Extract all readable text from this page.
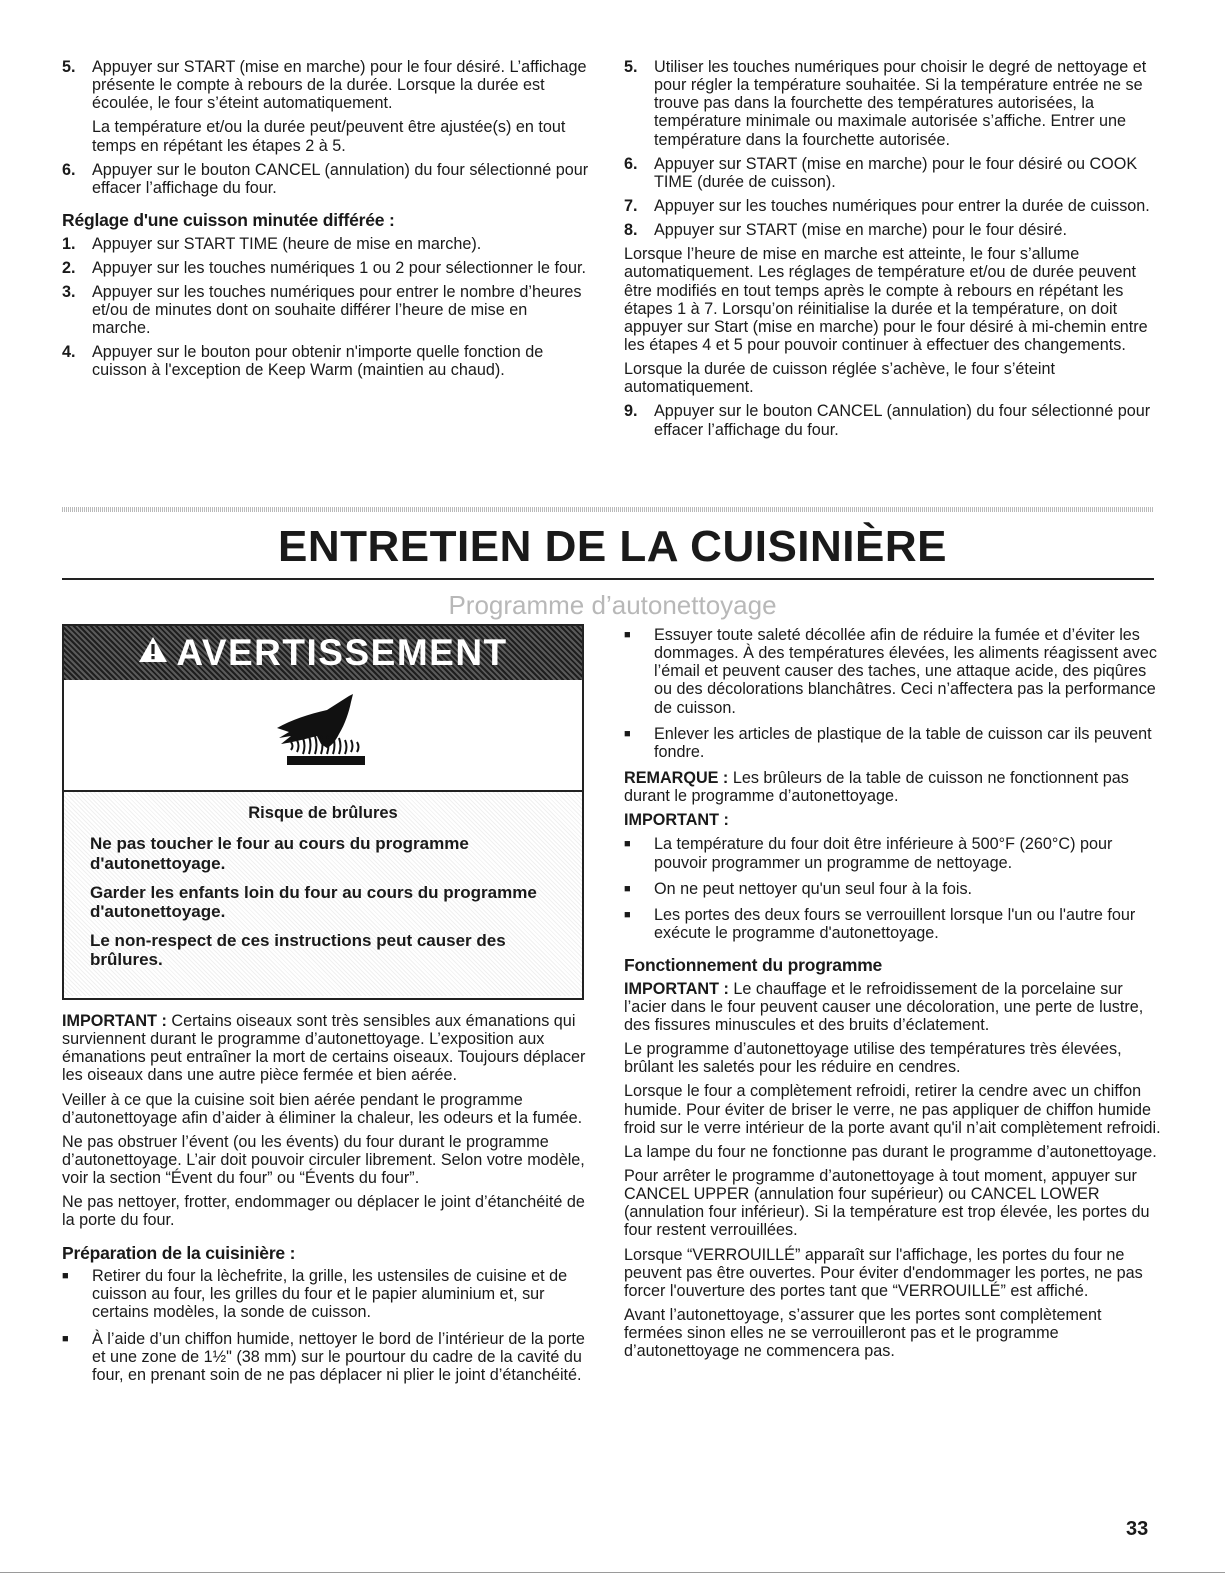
5.	Appuyer sur START (mise en marche) pour le four désiré. L’affichage présente le compte à rebours de la durée. Lorsque la durée est écoulée, le four s’éteint automatiquement.

La température et/ou la durée peut/peuvent être ajustée(s) en tout temps en répétant les étapes 2 à 5.

6.	Appuyer sur le bouton CANCEL (annulation) du four sélectionné pour effacer l’affichage du four.
Réglage d'une cuisson minutée différée :
1.	Appuyer sur START TIME (heure de mise en marche).
2.	Appuyer sur les touches numériques 1 ou 2 pour sélectionner le four.
3.	Appuyer sur les touches numériques pour entrer le nombre d’heures et/ou de minutes dont on souhaite différer l’heure de mise en marche.
4.	Appuyer sur le bouton pour obtenir n'importe quelle fonction de cuisson à l'exception de Keep Warm (maintien au chaud).
5.	Utiliser les touches numériques pour choisir le degré de nettoyage et pour régler la température souhaitée. Si la température entrée ne se trouve pas dans la fourchette des températures autorisées, la température minimale ou maximale autorisée s’affiche. Entrer une température dans la fourchette autorisée.
6.	Appuyer sur START (mise en marche) pour le four désiré ou COOK TIME (durée de cuisson).
7.	Appuyer sur les touches numériques pour entrer la durée de cuisson.
8.	Appuyer sur START (mise en marche) pour le four désiré.

Lorsque l’heure de mise en marche est atteinte, le four s’allume automatiquement. Les réglages de température et/ou de durée peuvent être modifiés en tout temps après le compte à rebours en répétant les étapes 1 à 7. Lorsqu’on réinitialise la durée et la température, on doit appuyer sur Start (mise en marche) pour le four désiré à mi-chemin entre les étapes 4 et 5 pour pouvoir continuer à effectuer des changements.

Lorsque la durée de cuisson réglée s’achève, le four s’éteint automatiquement.

9.	Appuyer sur le bouton CANCEL (annulation) du four sélectionné pour effacer l’affichage du four.
ENTRETIEN DE LA CUISINIÈRE
Programme d’autonettoyage
AVERTISSEMENT
Risque de brûlures

Ne pas toucher le four au cours du programme d'autonettoyage.

Garder les enfants loin du four au cours du programme d'autonettoyage.

Le non-respect de ces instructions peut causer des brûlures.

IMPORTANT : Certains oiseaux sont très sensibles aux émanations qui surviennent durant le programme d’autonettoyage. L’exposition aux émanations peut entraîner la mort de certains oiseaux. Toujours déplacer les oiseaux dans une autre pièce fermée et bien aérée.

Veiller à ce que la cuisine soit bien aérée pendant le programme d’autonettoyage afin d’aider à éliminer la chaleur, les odeurs et la fumée.

Ne pas obstruer l’évent (ou les évents) du four durant le programme d’autonettoyage. L’air doit pouvoir circuler librement. Selon votre modèle, voir la section “Évent du four” ou “Évents du four”.

Ne pas nettoyer, frotter, endommager ou déplacer le joint d’étanchéité de la porte du four.

Préparation de la cuisinière :
■	Retirer du four la lèchefrite, la grille, les ustensiles de cuisine et de cuisson au four, les grilles du four et le papier aluminium et, sur certains modèles, la sonde de cuisson.
■	À l’aide d’un chiffon humide, nettoyer le bord de l’intérieur de la porte et une zone de 1½" (38 mm) sur le pourtour du cadre de la cavité du four, en prenant soin de ne pas déplacer ni plier le joint d’étanchéité.
■	Essuyer toute saleté décollée afin de réduire la fumée et d’éviter les dommages. À des températures élevées, les aliments réagissent avec l’émail et peuvent causer des taches, une attaque acide, des piqûres ou des décolorations blanchâtres. Ceci n’affectera pas la performance de cuisson.
■	Enlever les articles de plastique de la table de cuisson car ils peuvent fondre.

REMARQUE : Les brûleurs de la table de cuisson ne fonctionnent pas durant le programme d’autonettoyage.

IMPORTANT :

■	La température du four doit être inférieure à 500°F (260°C) pour pouvoir programmer un programme de nettoyage.
■	On ne peut nettoyer qu'un seul four à la fois.
■	Les portes des deux fours se verrouillent lorsque l'un ou l'autre four exécute le programme d'autonettoyage.
Fonctionnement du programme

IMPORTANT : Le chauffage et le refroidissement de la porcelaine sur l’acier dans le four peuvent causer une décoloration, une perte de lustre, des fissures minuscules et des bruits d’éclatement.

Le programme d’autonettoyage utilise des températures très élevées, brûlant les saletés pour les réduire en cendres.

Lorsque le four a complètement refroidi, retirer la cendre avec un chiffon humide. Pour éviter de briser le verre, ne pas appliquer de chiffon humide froid sur le verre intérieur de la porte avant qu'il n’ait complètement refroidi.

La lampe du four ne fonctionne pas durant le programme d’autonettoyage.

Pour arrêter le programme d’autonettoyage à tout moment, appuyer sur CANCEL UPPER (annulation four supérieur) ou CANCEL LOWER (annulation four inférieur). Si la température est trop élevée, les portes du four restent verrouillées.

Lorsque “VERROUILLÉ” apparaît sur l'affichage, les portes du four ne peuvent pas être ouvertes. Pour éviter d'endommager les portes, ne pas forcer l'ouverture des portes tant que “VERROUILLÉ” est affiché.

Avant l’autonettoyage, s’assurer que les portes sont complètement fermées sinon elles ne se verrouilleront pas et le programme d’autonettoyage ne commencera pas.

33
